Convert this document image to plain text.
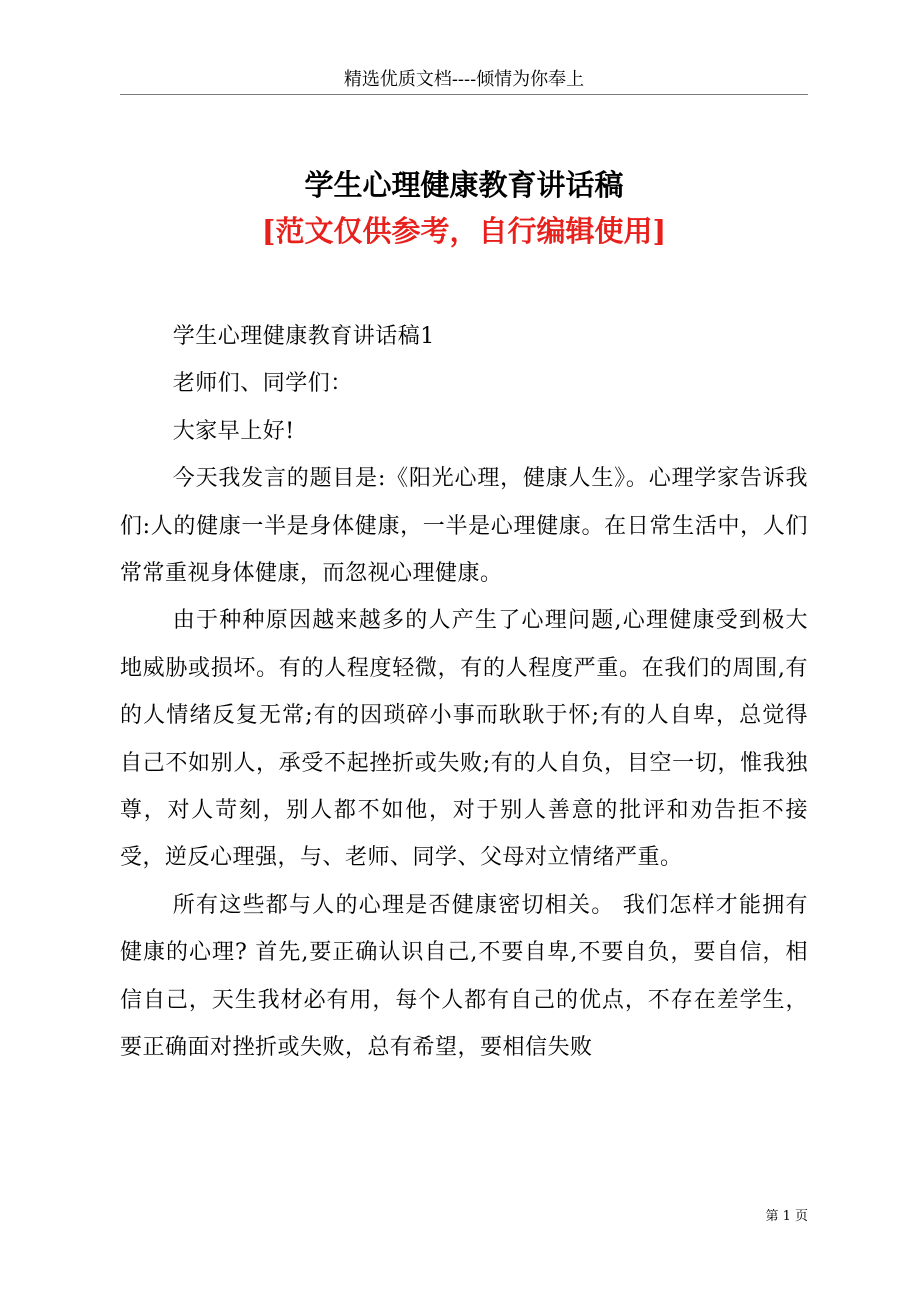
精选优质文档----倾情为你奉上
学生心理健康教育讲话稿
[范文仅供参考，自行编辑使用]

学生心理健康教育讲话稿1

老师们、同学们：

大家早上好!

今天我发言的题目是:《阳光心理，健康人生》。心理学家告诉我们:人的健康一半是身体健康，一半是心理健康。在日常生活中，人们常常重视身体健康，而忽视心理健康。

由于种种原因越来越多的人产生了心理问题,心理健康受到极大地威胁或损坏。有的人程度轻微，有的人程度严重。在我们的周围,有的人情绪反复无常;有的因琐碎小事而耿耿于怀;有的人自卑，总觉得自己不如别人，承受不起挫折或失败;有的人自负，目空一切，惟我独尊，对人苛刻，别人都不如他，对于别人善意的批评和劝告拒不接受，逆反心理强，与、老师、同学、父母对立情绪严重。

所有这些都与人的心理是否健康密切相关。 我们怎样才能拥有健康的心理? 首先,要正确认识自己,不要自卑,不要自负，要自信，相信自己，天生我材必有用，每个人都有自己的优点，不存在差学生，要正确面对挫折或失败，总有希望，要相信失败

第 1 页
